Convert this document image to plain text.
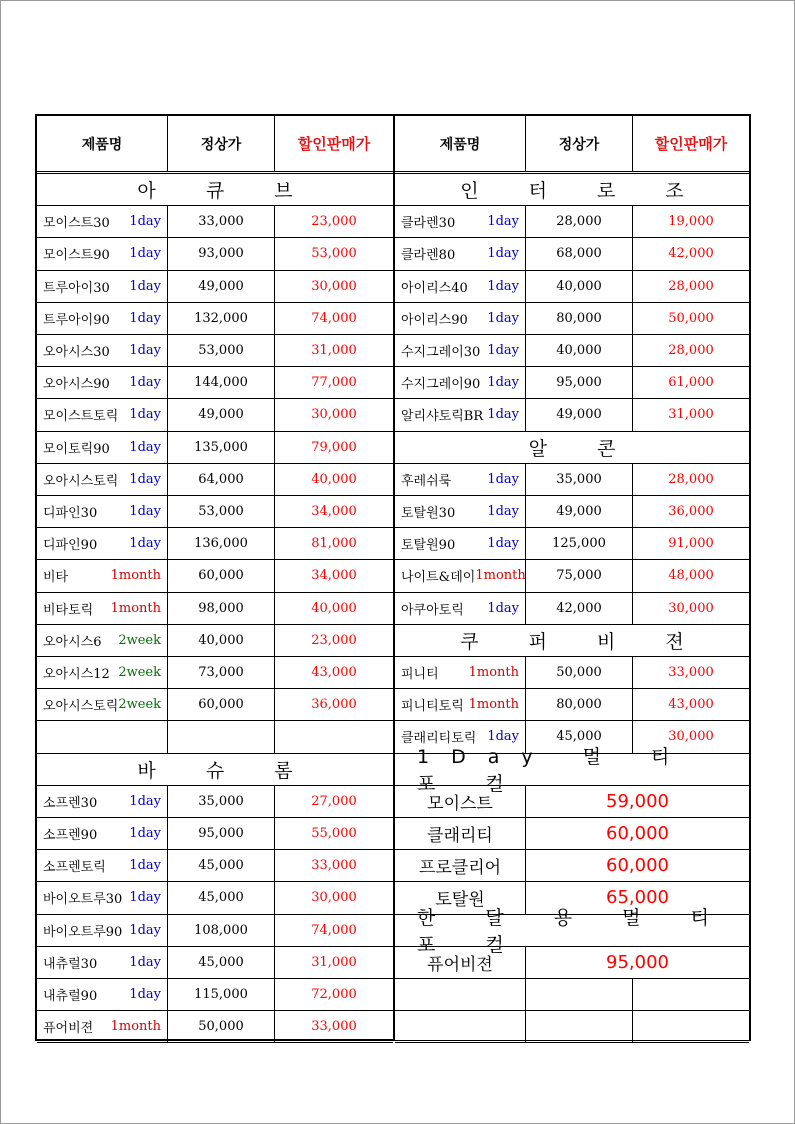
제품명	정상가	할인판매가
아 큐 브
모이스트30	1day	33,000	23,000
모이스트90	1day	93,000	53,000
트루아이30	1day	49,000	30,000
트루아이90	1day	132,000	74,000
오아시스30	1day	53,000	31,000
오아시스90	1day	144,000	77,000
모이스트토릭 1day	49,000	30,000
모이토릭90	1day	135,000	79,000
오아시스토릭 1day	64,000	40,000
디파인30	1day	53,000	34,000
디파인90	1day	136,000	81,000
비타	1month	60,000	34,000
비타토릭	1month	98,000	40,000
오아시스6	2week	40,000	23,000
오아시스12 2week	73,000	43,000
오아시스토릭 2week	60,000	36,000
바 슈 롬
소프렌30	1day	35,000	27,000
소프렌90	1day	95,000	55,000
소프렌토릭	1day	45,000	33,000
바이오트루30 1day	45,000	30,000
바이오트루90 1day	108,000	74,000
내츄럴30	1day	45,000	31,000
내츄럴90	1day	115,000	72,000
퓨어비젼	1month	50,000	33,000
제품명	정상가	할인판매가
인 터 로 조
클라렌30	1day	28,000	19,000
클라렌80	1day	68,000	42,000
아이리스40	1day	40,000	28,000
아이리스90	1day	80,000	50,000
수지그레이30 1day	40,000	28,000
수지그레이90 1day	95,000	61,000
알리샤토릭BR 1day	49,000	31,000
알 콘
후레쉬룩	1day	35,000	28,000
토탈원30	1day	49,000	36,000
토탈원90	1day	125,000	91,000
나이트&데이 1month	75,000	48,000
아쿠아토릭	1day	42,000	30,000
쿠 퍼 비 젼
피니티	1month	50,000	33,000
피니티토릭 1month	80,000	43,000
클래리티토릭 1day	45,000	30,000
1Day 멀 티 포 컬
모이스트	59,000
클래리티	60,000
프로클리어	60,000
토탈원	65,000
한 달 용 멀 티 포 컬
퓨어비젼	95,000
